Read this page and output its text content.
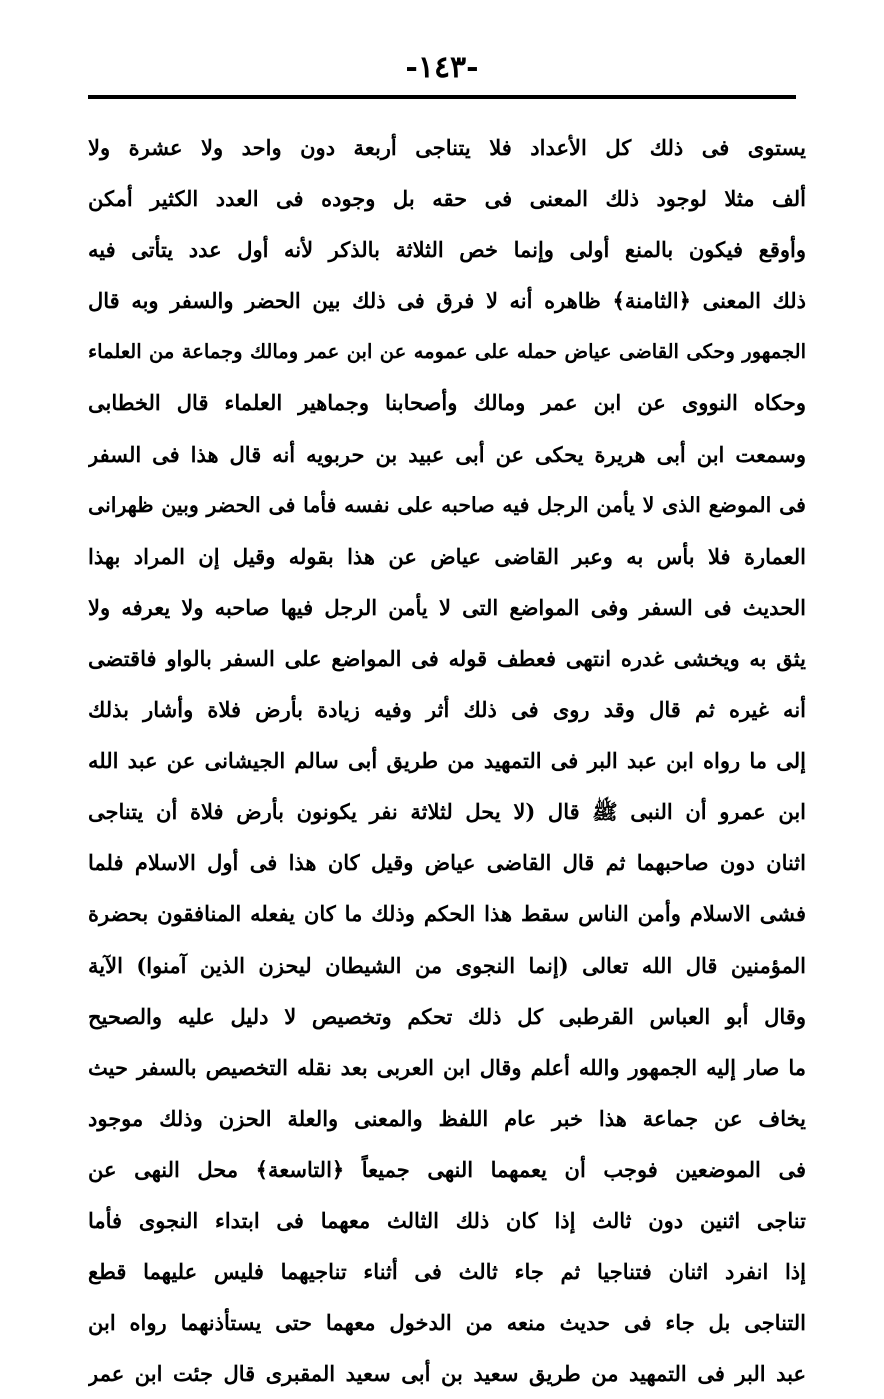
-١٤٣-
يستوى فى ذلك كل الأعداد فلا يتناجى أربعة دون واحد ولا عشرة ولا
ألف مثلا لوجود ذلك المعنى فى حقه بل وجوده فى العدد الكثير أمكن
وأوقع فيكون بالمنع أولى وإنما خص الثلاثة بالذكر لأنه أول عدد يتأتى فيه
ذلك المعنى ﴿الثامنة﴾ ظاهره أنه لا فرق فى ذلك بين الحضر والسفر وبه قال
الجمهور وحكى القاضى عياض حمله على عمومه عن ابن عمر ومالك وجماعة من العلماء
وحكاه النووى عن ابن عمر ومالك وأصحابنا وجماهير العلماء قال الخطابى
وسمعت ابن أبى هريرة يحكى عن أبى عبيد بن حربويه أنه قال هذا فى السفر
فى الموضع الذى لا يأمن الرجل فيه صاحبه على نفسه فأما فى الحضر وبين ظهرانى
العمارة فلا بأس به وعبر القاضى عياض عن هذا بقوله وقيل إن المراد بهذا
الحديث فى السفر وفى المواضع التى لا يأمن الرجل فيها صاحبه ولا يعرفه ولا
يثق به ويخشى غدره انتهى فعطف قوله فى المواضع على السفر بالواو فاقتضى
أنه غيره ثم قال وقد روى فى ذلك أثر وفيه زيادة بأرض فلاة وأشار بذلك
إلى ما رواه ابن عبد البر فى التمهيد من طريق أبى سالم الجيشانى عن عبد الله
ابن عمرو أن النبى ﷺ قال (لا يحل لثلاثة نفر يكونون بأرض فلاة أن يتناجى
اثنان دون صاحبهما ثم قال القاضى عياض وقيل كان هذا فى أول الاسلام فلما
فشى الاسلام وأمن الناس سقط هذا الحكم وذلك ما كان يفعله المنافقون بحضرة
المؤمنين قال الله تعالى (إنما النجوى من الشيطان ليحزن الذين آمنوا) الآية
وقال أبو العباس القرطبى كل ذلك تحكم وتخصيص لا دليل عليه والصحيح
ما صار إليه الجمهور والله أعلم وقال ابن العربى بعد نقله التخصيص بالسفر حيث
يخاف عن جماعة هذا خبر عام اللفظ والمعنى والعلة الحزن وذلك موجود
فى الموضعين فوجب أن يعمهما النهى جميعاً ﴿التاسعة﴾ محل النهى عن
تناجى اثنين دون ثالث إذا كان ذلك الثالث معهما فى ابتداء النجوى فأما
إذا انفرد اثنان فتناجيا ثم جاء ثالث فى أثناء تناجيهما فليس عليهما قطع
التناجى بل جاء فى حديث منعه من الدخول معهما حتى يستأذنهما رواه ابن
عبد البر فى التمهيد من طريق سعيد بن أبى سعيد المقبرى قال جئت ابن عمر
